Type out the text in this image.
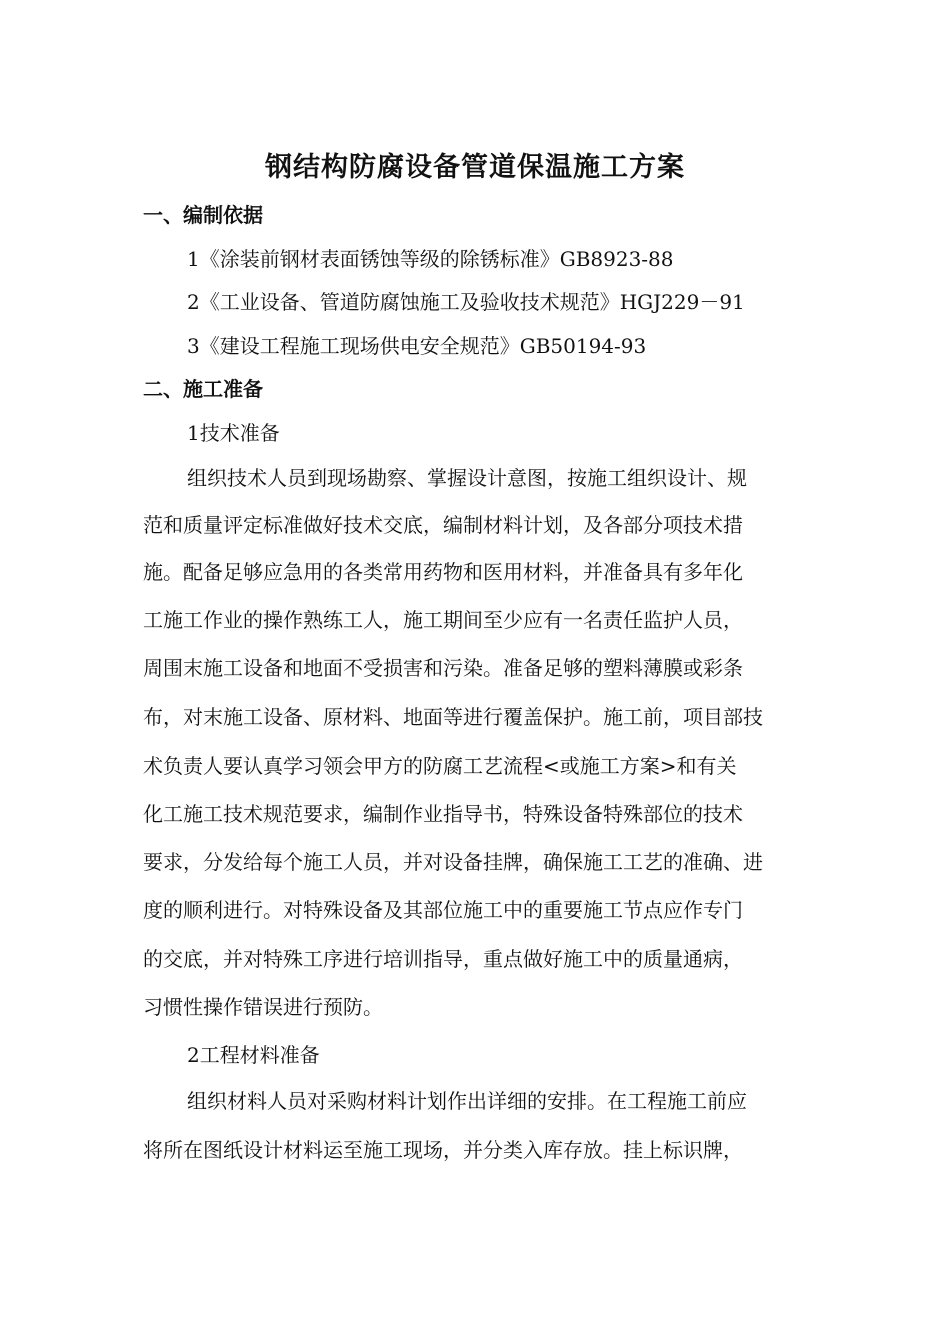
钢结构防腐设备管道保温施工方案
一、编制依据
1《涂装前钢材表面锈蚀等级的除锈标准》GB8923-88
2《工业设备、管道防腐蚀施工及验收技术规范》HGJ229－91
3《建设工程施工现场供电安全规范》GB50194-93
二、施工准备
1技术准备
组织技术人员到现场勘察、掌握设计意图，按施工组织设计、规
范和质量评定标准做好技术交底，编制材料计划，及各部分项技术措
施。配备足够应急用的各类常用药物和医用材料，并准备具有多年化
工施工作业的操作熟练工人，施工期间至少应有一名责任监护人员，
周围末施工设备和地面不受损害和污染。准备足够的塑料薄膜或彩条
布，对末施工设备、原材料、地面等进行覆盖保护。施工前，项目部技
术负责人要认真学习领会甲方的防腐工艺流程<或施工方案>和有关
化工施工技术规范要求，编制作业指导书，特殊设备特殊部位的技术
要求，分发给每个施工人员，并对设备挂牌，确保施工工艺的准确、进
度的顺利进行。对特殊设备及其部位施工中的重要施工节点应作专门
的交底，并对特殊工序进行培训指导，重点做好施工中的质量通病，
习惯性操作错误进行预防。
2工程材料准备
组织材料人员对采购材料计划作出详细的安排。在工程施工前应
将所在图纸设计材料运至施工现场，并分类入库存放。挂上标识牌，
